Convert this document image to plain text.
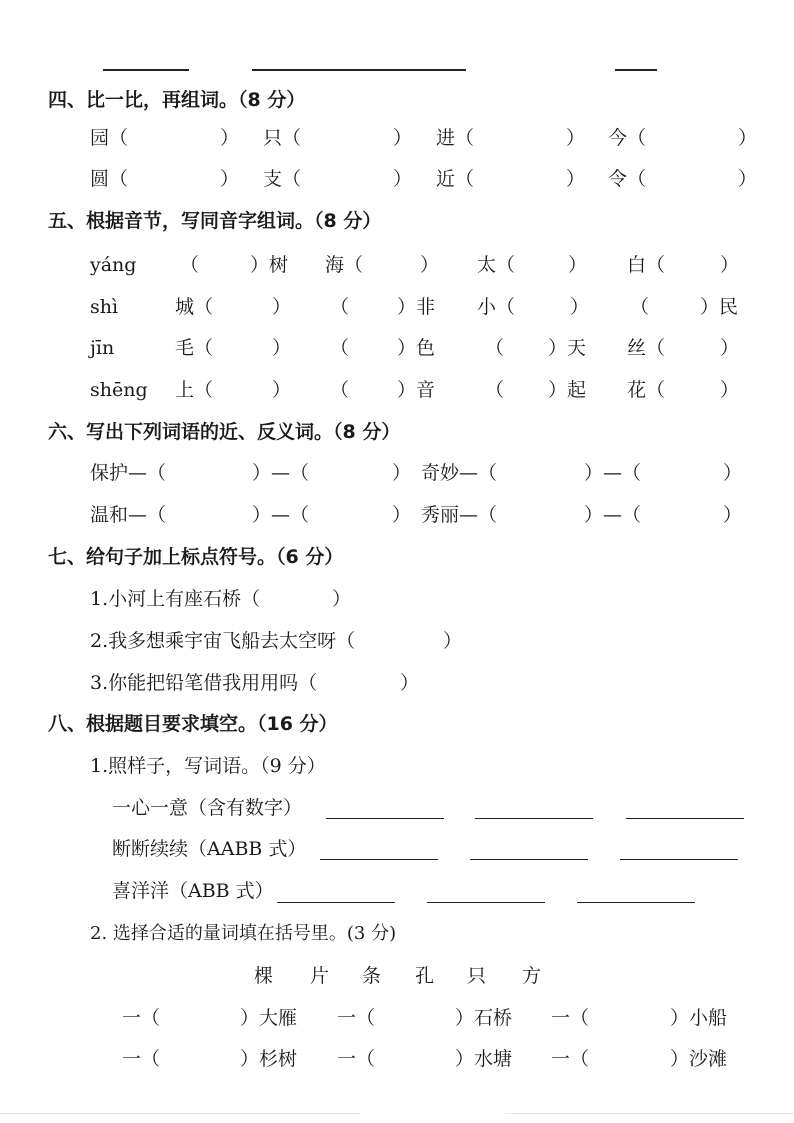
四、比一比，再组词。（8 分）
园（	） 只（	） 进（	） 今（	）
圆（	） 支（	） 近（	） 令（	）
五、根据音节，写同音字组词。（8 分）
yáng （	）树 海（	） 太（	） 白（	）
shì	城（	） （	）非 小（	） （	）民
jīn	毛（	） （	）色	（ ）天 丝（	）
shēng 上（	） （	）音	（ ）起 花（	）
六、写出下列词语的近、反义词。（8 分）
保护—（	）—（	） 奇妙—（	）—（	）
温和—（	）—（	） 秀丽—（	）—（	）
七、给句子加上标点符号。（6 分）
1.小河上有座石桥（	）
2.我多想乘宇宙飞船去太空呀（	）
3.你能把铅笔借我用用吗（	）
八、根据题目要求填空。（16 分）
1.照样子，写词语。（9 分）
一心一意（含有数字）
断断续续（AABB 式）
喜洋洋（ABB 式）
2. 选择合适的量词填在括号里。(3 分)
棵 片 条 孔 只 方
一（	）大雁 一（	）石桥 一（	）小船
一（	）杉树 一（	）水塘 一（	）沙滩
